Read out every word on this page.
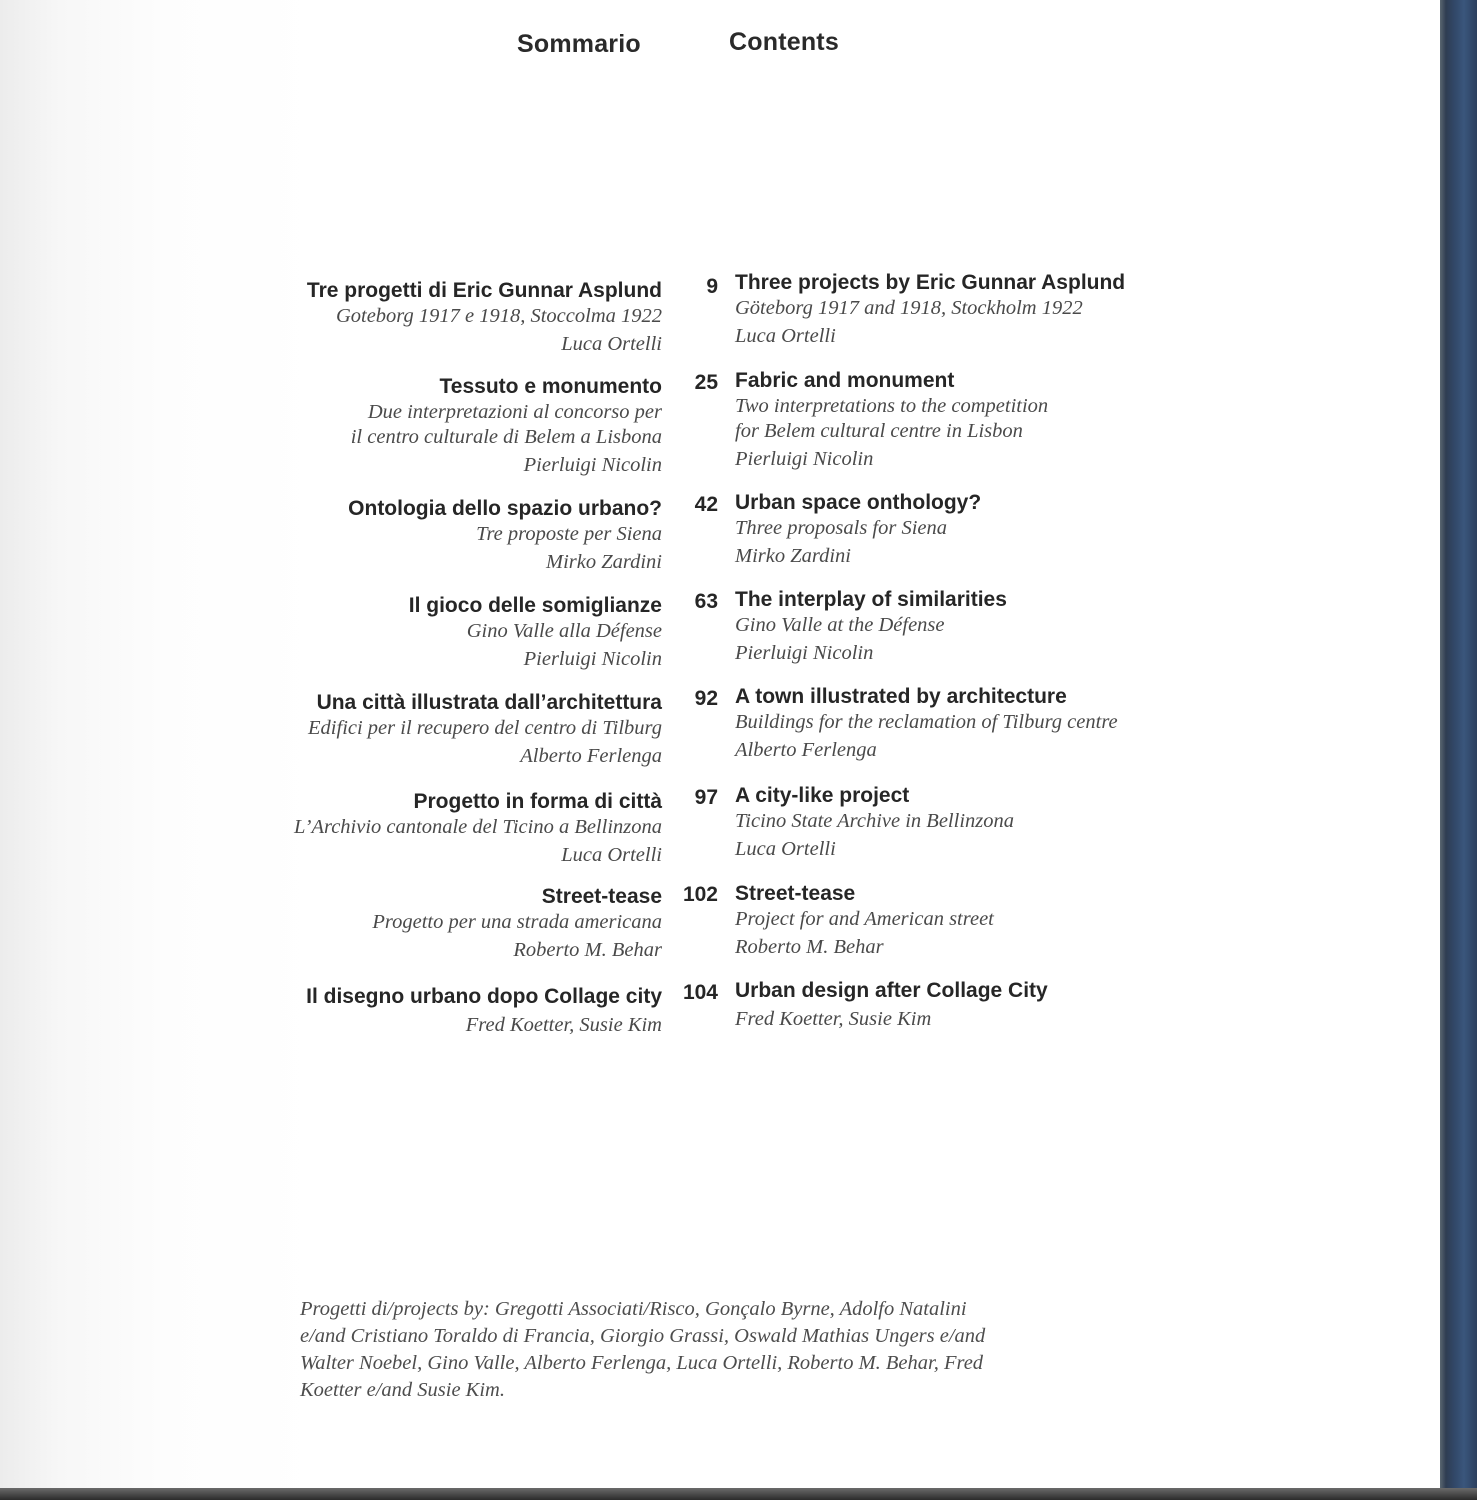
Sommario	Contents
Tre progetti di Eric Gunnar Asplund
Goteborg 1917 e 1918, Stoccolma 1922
Luca Ortelli
9 Three projects by Eric Gunnar Asplund
Göteborg 1917 and 1918, Stockholm 1922
Luca Ortelli
Tessuto e monumento
Due interpretazioni al concorso per
il centro culturale di Belem a Lisbona
Pierluigi Nicolin
25 Fabric and monument
Two interpretations to the competition
for Belem cultural centre in Lisbon
Pierluigi Nicolin
Ontologia dello spazio urbano?
Tre proposte per Siena
Mirko Zardini
42 Urban space onthology?
Three proposals for Siena
Mirko Zardini
Il gioco delle somiglianze
Gino Valle alla Défense
Pierluigi Nicolin
63 The interplay of similarities
Gino Valle at the Défense
Pierluigi Nicolin
Una città illustrata dall’architettura
Edifici per il recupero del centro di Tilburg
Alberto Ferlenga
92 A town illustrated by architecture
Buildings for the reclamation of Tilburg centre
Alberto Ferlenga
Progetto in forma di città
L’Archivio cantonale del Ticino a Bellinzona
Luca Ortelli
97 A city-like project
Ticino State Archive in Bellinzona
Luca Ortelli
Street-tease
Progetto per una strada americana
Roberto M. Behar
102 Street-tease
Project for and American street
Roberto M. Behar
Il disegno urbano dopo Collage city
Fred Koetter, Susie Kim
104 Urban design after Collage City
Fred Koetter, Susie Kim
Progetti di/projects by: Gregotti Associati/Risco, Gonçalo Byrne, Adolfo Natalini
e/and Cristiano Toraldo di Francia, Giorgio Grassi, Oswald Mathias Ungers e/and
Walter Noebel, Gino Valle, Alberto Ferlenga, Luca Ortelli, Roberto M. Behar, Fred
Koetter e/and Susie Kim.
